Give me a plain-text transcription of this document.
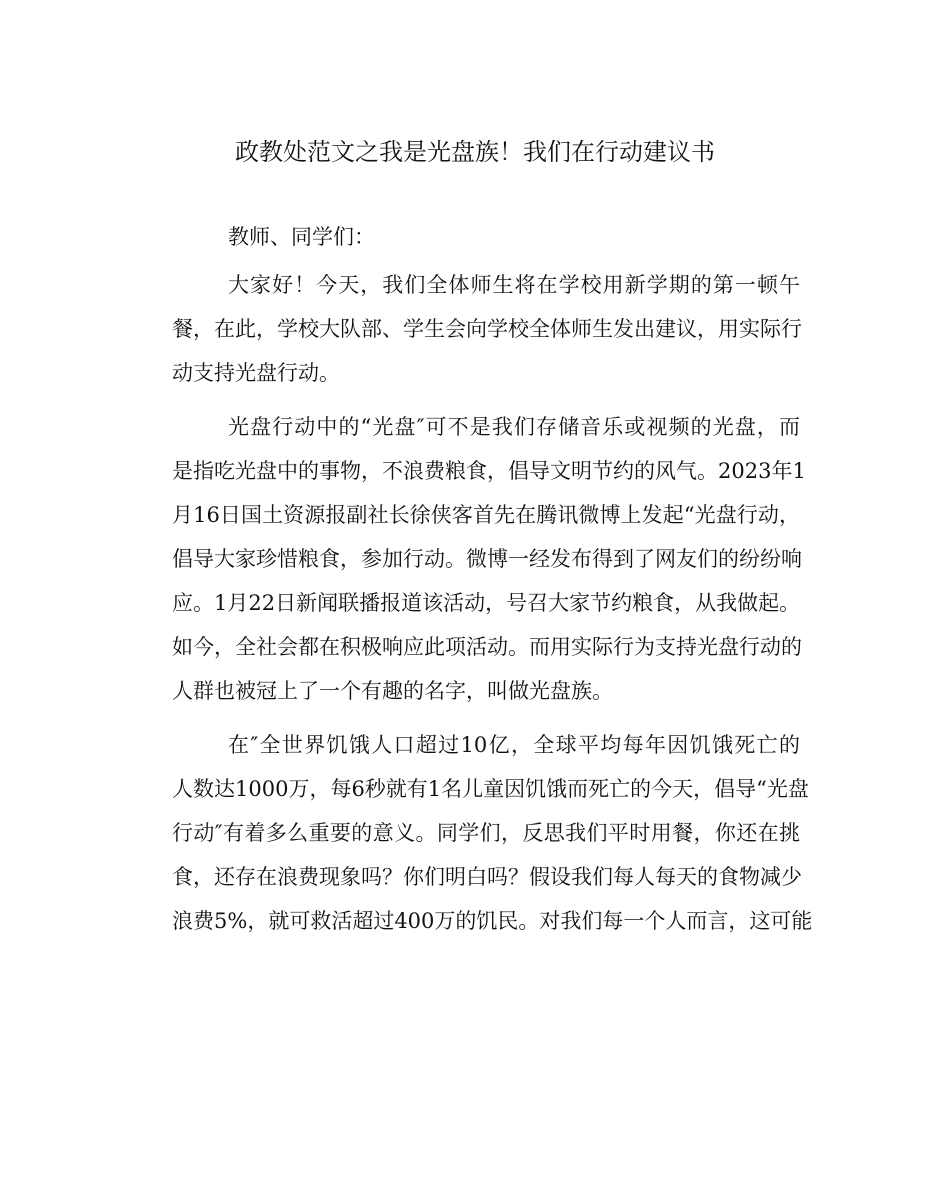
政教处范文之我是光盘族！我们在行动建议书
教师、同学们：
大家好！今天，我们全体师生将在学校用新学期的第一顿午
餐，在此，学校大队部、学生会向学校全体师生发出建议，用实际行
动支持光盘行动。
光盘行动中的“光盘″可不是我们存储音乐或视频的光盘，而
是指吃光盘中的事物，不浪费粮食，倡导文明节约的风气。2023年1
月16日国土资源报副社长徐侠客首先在腾讯微博上发起“光盘行动，
倡导大家珍惜粮食，参加行动。微博一经发布得到了网友们的纷纷响
应。1月22日新闻联播报道该活动，号召大家节约粮食，从我做起。
如今，全社会都在积极响应此项活动。而用实际行为支持光盘行动的
人群也被冠上了一个有趣的名字，叫做光盘族。
在″全世界饥饿人口超过10亿，全球平均每年因饥饿死亡的
人数达1000万，每6秒就有1名儿童因饥饿而死亡的今天，倡导“光盘
行动″有着多么重要的意义。同学们，反思我们平时用餐，你还在挑
食，还存在浪费现象吗？你们明白吗？假设我们每人每天的食物减少
浪费5%，就可救活超过400万的饥民。对我们每一个人而言，这可能
